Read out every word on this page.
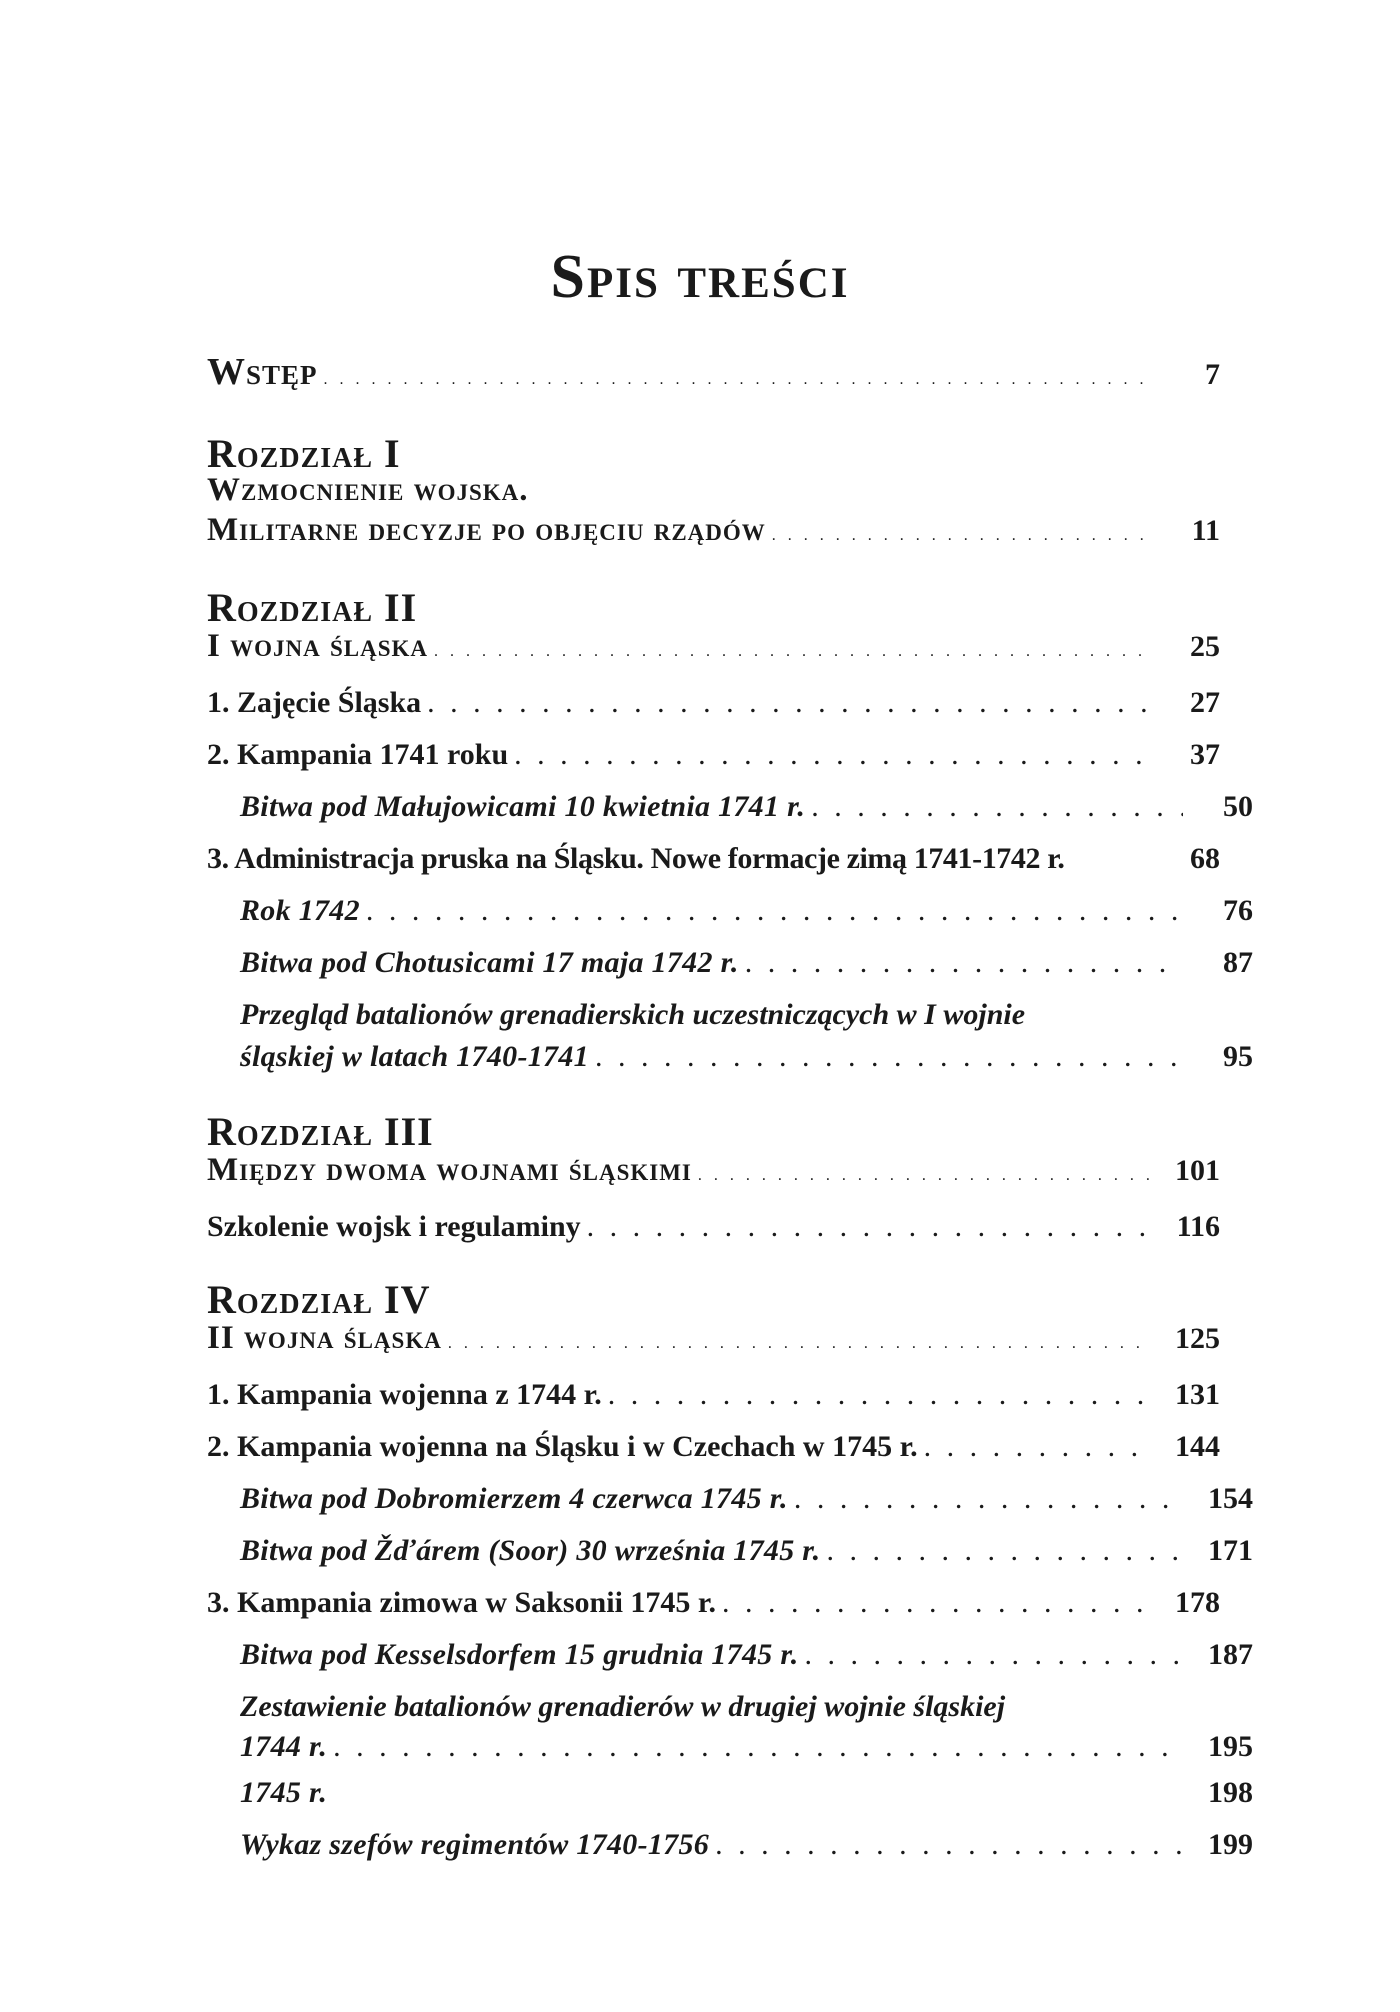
Spis treści
Wstęp . . .	7
Rozdział I
Wzmocnienie wojska.
Militarne decyzje po objęciu rządów . . .	11
Rozdział II
I wojna śląska . . .	25
1. Zajęcie Śląska . . .	27
2. Kampania 1741 roku . . .	37
Bitwa pod Małujowicami 10 kwietnia 1741 r. . . .	50
3. Administracja pruska na Śląsku. Nowe formacje zimą 1741-1742 r.	68
Rok 1742 . . .	76
Bitwa pod Chotusicami 17 maja 1742 r. . . .	87
Przegląd batalionów grenadierskich uczestniczących w I wojnie
śląskiej w latach 1740-1741 . . .	95
Rozdział III
Między dwoma wojnami śląskimi . . .	101
Szkolenie wojsk i regulaminy . . .	116
Rozdział IV
II wojna śląska . . .	125
1. Kampania wojenna z 1744 r. . . .	131
2. Kampania wojenna na Śląsku i w Czechach w 1745 r. . . .	144
Bitwa pod Dobromierzem 4 czerwca 1745 r. . . .	154
Bitwa pod Žďárem (Soor) 30 września 1745 r. . . .	171
3. Kampania zimowa w Saksonii 1745 r. . . .	178
Bitwa pod Kesselsdorfem 15 grudnia 1745 r. . . .	187
Zestawienie batalionów grenadierów w drugiej wojnie śląskiej
1744 r. . . .	195
1745 r.	198
Wykaz szefów regimentów 1740-1756 . . .	199
